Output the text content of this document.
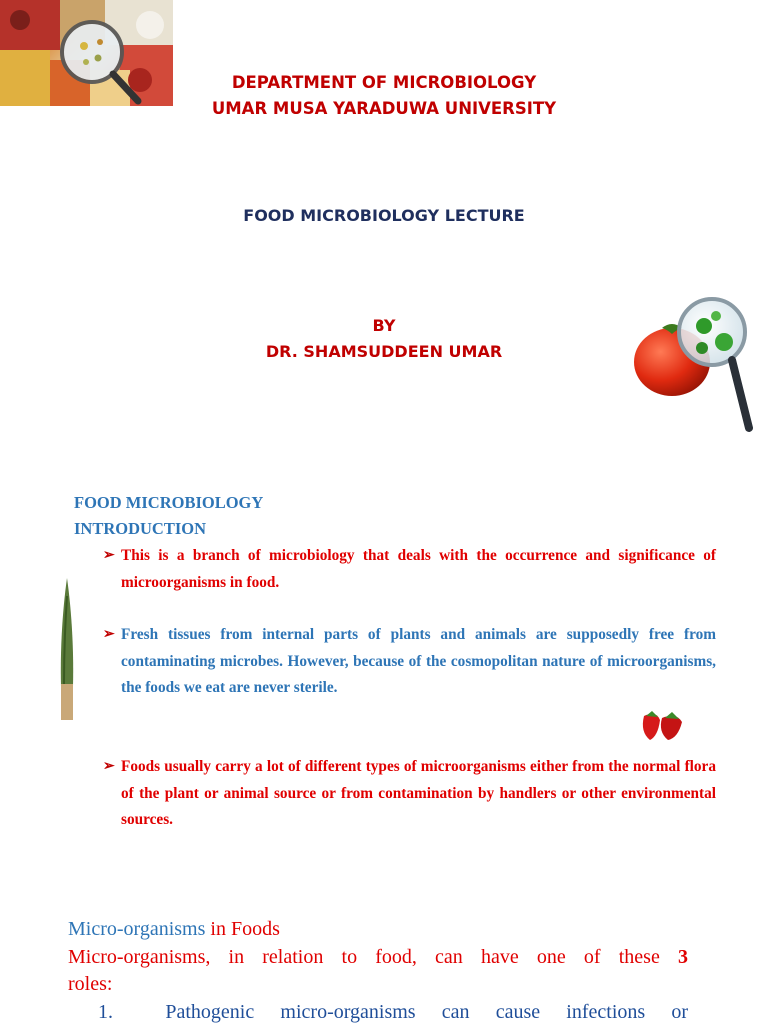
DEPARTMENT OF MICROBIOLOGY
UMAR MUSA YARADUWA UNIVERSITY

FOOD MICROBIOLOGY LECTURE

BY
DR. SHAMSUDDEEN UMAR

FOOD MICROBIOLOGY
INTRODUCTION

➢ This is a branch of microbiology that deals with the occurrence and significance of microorganisms in food.

➢ Fresh tissues from internal parts of plants and animals are supposedly free from contaminating microbes. However, because of the cosmopolitan nature of microorganisms, the foods we eat are never sterile.

➢ Foods usually carry a lot of different types of microorganisms either from the normal flora of the plant or animal source or from contamination by handlers or other environmental sources.

Micro-organisms in Foods

Micro-organisms, in relation to food, can have one of these 3

roles:

1.	Pathogenic micro-organisms can cause infections or
